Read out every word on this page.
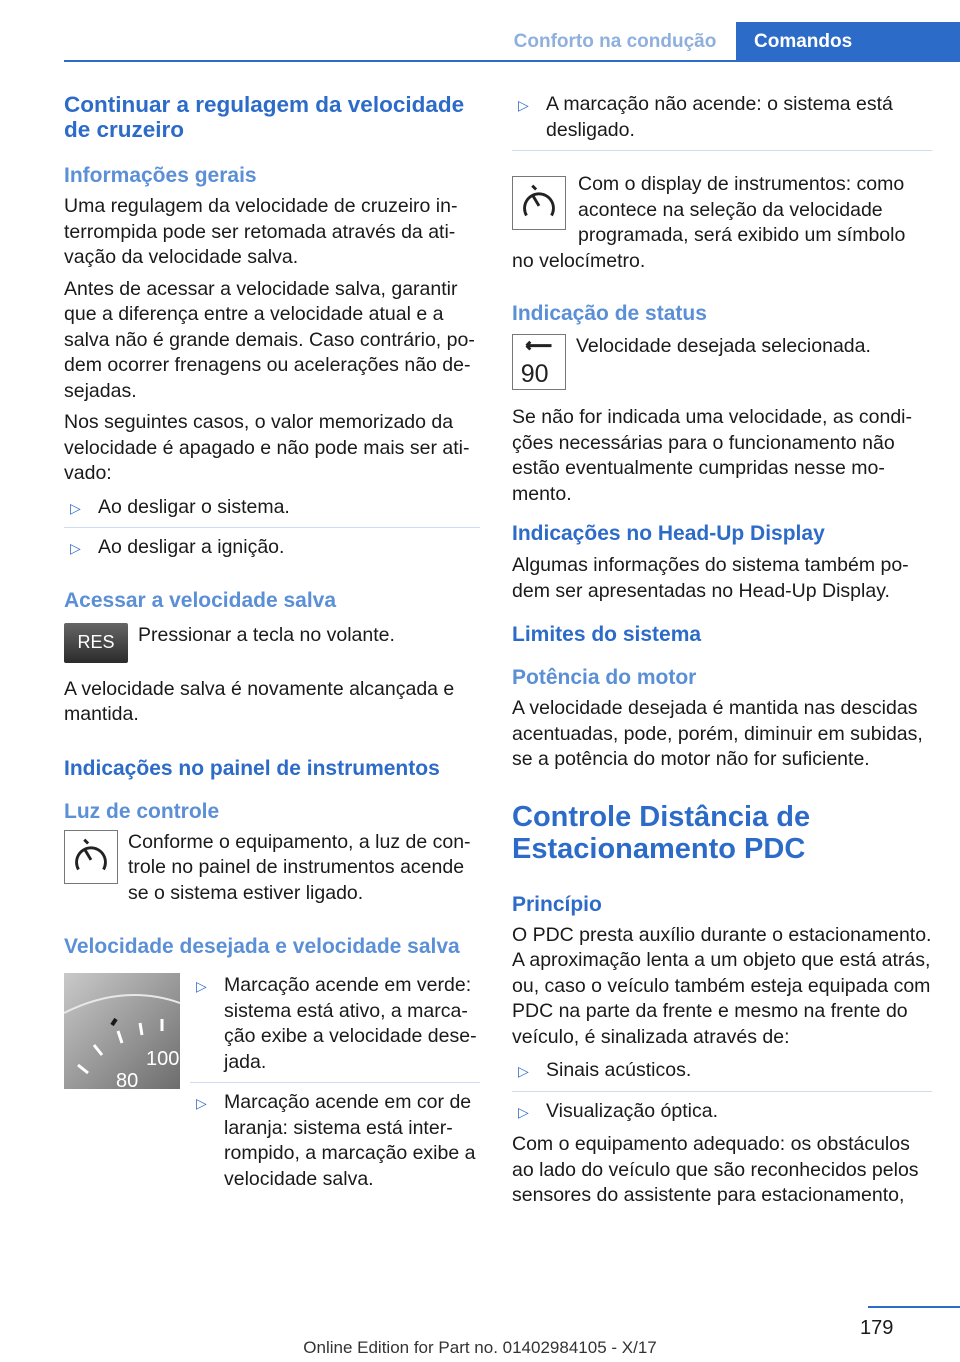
Conforto na condução	Comandos
Continuar a regulagem da velocidade de cruzeiro
Informações gerais

Uma regulagem da velocidade de cruzeiro interrompida pode ser retomada através da ativação da velocidade salva.

Antes de acessar a velocidade salva, garantir que a diferença entre a velocidade atual e a salva não é grande demais. Caso contrário, podem ocorrer frenagens ou acelerações não desejadas.

Nos seguintes casos, o valor memorizado da velocidade é apagado e não pode mais ser ativado:

▷ Ao desligar o sistema.
▷ Ao desligar a ignição.
Acessar a velocidade salva
RES	Pressionar a tecla no volante.

A velocidade salva é novamente alcançada e mantida.

Indicações no painel de instrumentos
Luz de controle

Conforme o equipamento, a luz de controle no painel de instrumentos acende se o sistema estiver ligado.

Velocidade desejada e velocidade salva
100
80
▷ Marcação acende em verde: sistema está ativo, a marcação exibe a velocidade desejada.
▷ Marcação acende em cor de laranja: sistema está interrompido, a marcação exibe a velocidade salva.
▷ A marcação não acende: o sistema está desligado.

Com o display de instrumentos: como acontece na seleção da velocidade programada, será exibido um símbolo no velocímetro.

Indicação de status
90

Velocidade desejada selecionada.

Se não for indicada uma velocidade, as condições necessárias para o funcionamento não estão eventualmente cumpridas nesse momento.

Indicações no Head-Up Display

Algumas informações do sistema também podem ser apresentadas no Head-Up Display.

Limites do sistema
Potência do motor

A velocidade desejada é mantida nas descidas acentuadas, pode, porém, diminuir em subidas, se a potência do motor não for suficiente.

Controle Distância de Estacionamento PDC
Princípio

O PDC presta auxílio durante o estacionamento. A aproximação lenta a um objeto que está atrás, ou, caso o veículo também esteja equipada com PDC na parte da frente e mesmo na frente do veículo, é sinalizada através de:

▷ Sinais acústicos.
▷ Visualização óptica.

Com o equipamento adequado: os obstáculos ao lado do veículo que são reconhecidos pelos sensores do assistente para estacionamento,

179
Online Edition for Part no. 01402984105 - X/17
